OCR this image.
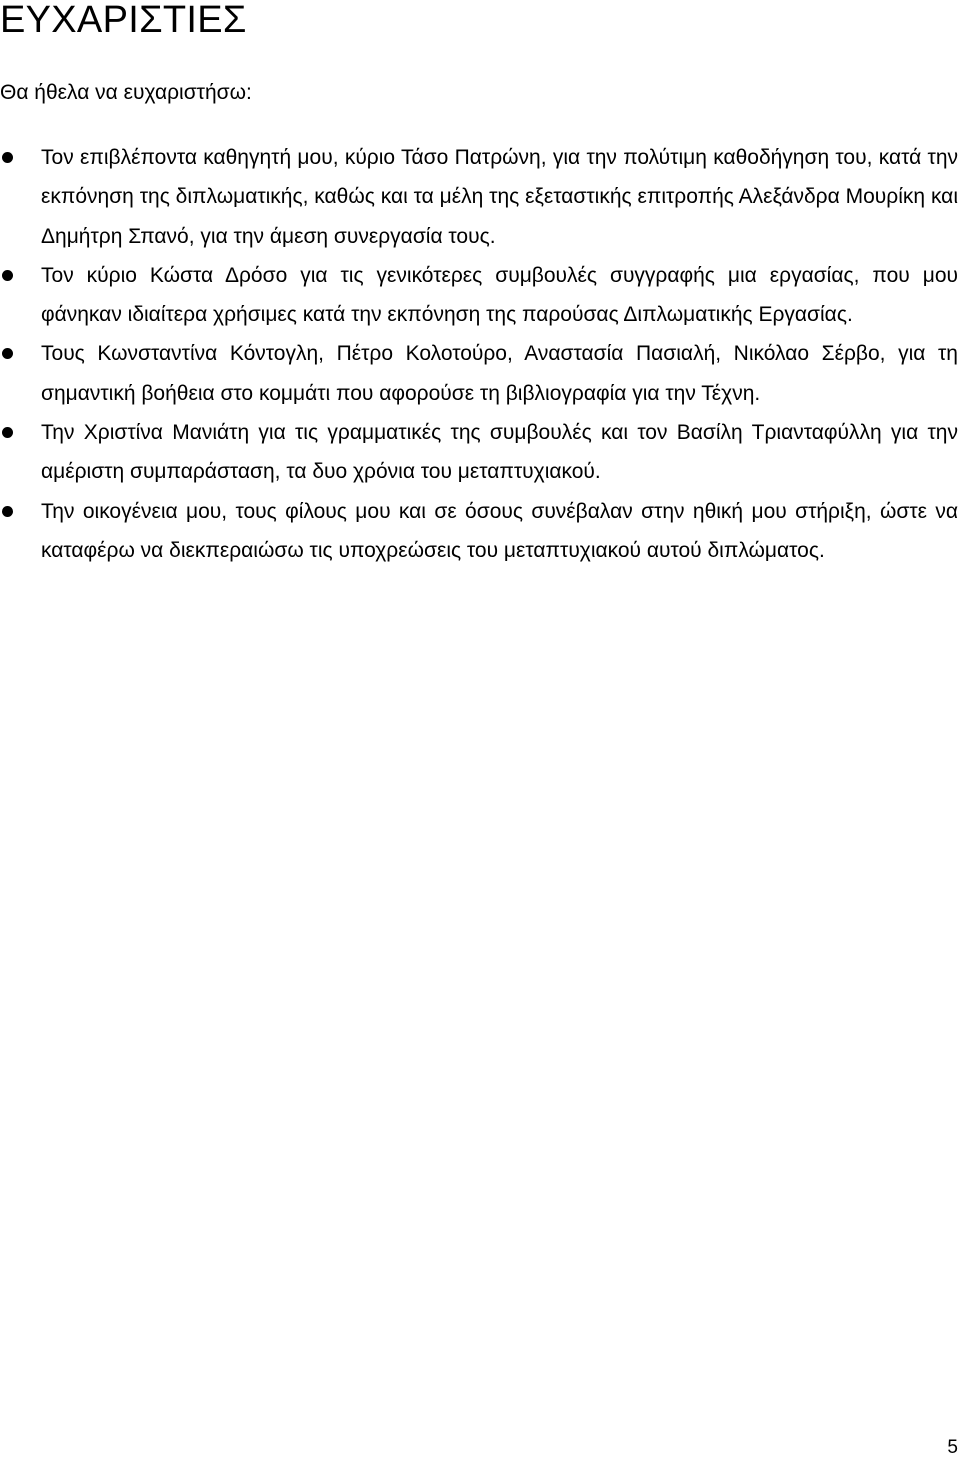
ΕΥΧΑΡΙΣΤΙΕΣ

Θα ήθελα να ευχαριστήσω:

Τον επιβλέποντα καθηγητή μου, κύριο Τάσο Πατρώνη, για την πολύτιμη καθοδήγηση του, κατά την εκπόνηση της διπλωματικής, καθώς και τα μέλη της εξεταστικής επιτροπής Αλεξάνδρα Μουρίκη και Δημήτρη Σπανό, για την άμεση συνεργασία τους.
Τον κύριο Κώστα Δρόσο για τις γενικότερες συμβουλές συγγραφής μια εργασίας, που μου φάνηκαν ιδιαίτερα χρήσιμες κατά την εκπόνηση της παρούσας Διπλωματικής Εργασίας.
Τους Κωνσταντίνα Κόντογλη, Πέτρο Κολοτούρο, Αναστασία Πασιαλή, Νικόλαο Σέρβο, για τη σημαντική βοήθεια στο κομμάτι που αφορούσε τη βιβλιογραφία για την Τέχνη.
Την Χριστίνα Μανιάτη για τις γραμματικές της συμβουλές και τον Βασίλη Τριανταφύλλη για την αμέριστη συμπαράσταση, τα δυο χρόνια του μεταπτυχιακού.
Την οικογένεια μου, τους φίλους μου και σε όσους συνέβαλαν στην ηθική μου στήριξη, ώστε να καταφέρω να διεκπεραιώσω τις υποχρεώσεις του μεταπτυχιακού αυτού διπλώματος.
5
